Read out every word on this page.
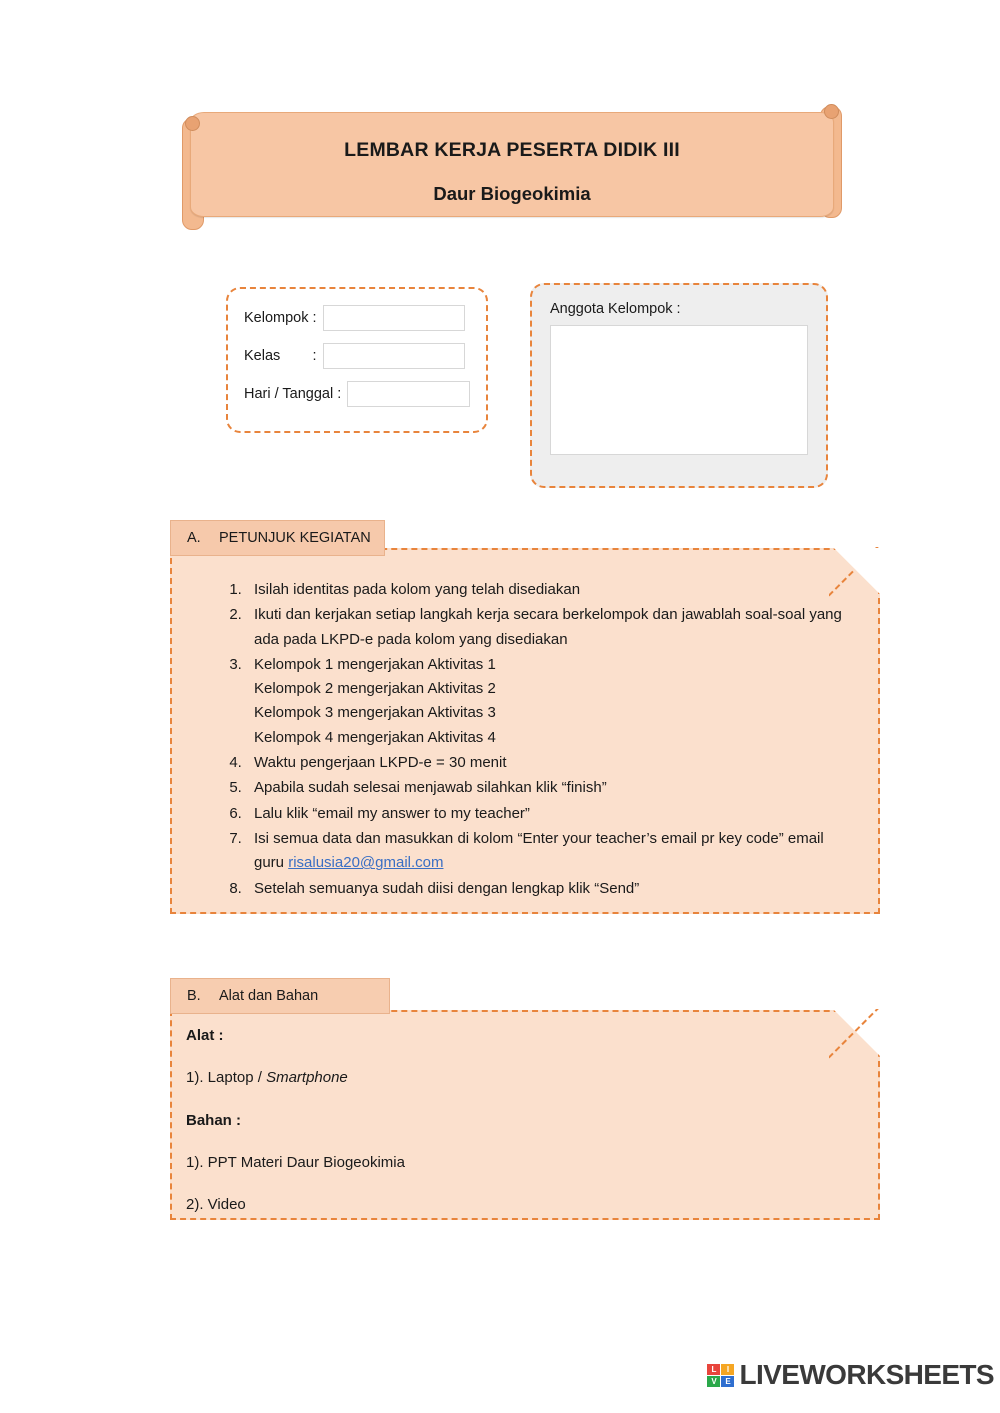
LEMBAR KERJA PESERTA DIDIK III
Daur Biogeokimia
Kelompok :
Kelas        :
Hari / Tanggal :
Anggota Kelompok :
A.	PETUNJUK KEGIATAN
1. Isilah identitas pada kolom yang telah disediakan
2. Ikuti dan kerjakan setiap langkah kerja secara berkelompok dan jawablah soal-soal yang ada pada LKPD-e pada kolom yang disediakan
3. Kelompok 1 mengerjakan Aktivitas 1
Kelompok 2 mengerjakan Aktivitas 2
Kelompok 3 mengerjakan Aktivitas 3
Kelompok 4 mengerjakan Aktivitas 4
4. Waktu pengerjaan LKPD-e = 30 menit
5. Apabila sudah selesai menjawab silahkan klik “finish”
6. Lalu klik “email my answer to my teacher”
7. Isi semua data dan masukkan di kolom “Enter your teacher’s email pr key code” email guru risalusia20@gmail.com
8. Setelah semuanya sudah diisi dengan lengkap klik “Send”
B.	Alat dan Bahan

Alat :

1). Laptop / Smartphone

Bahan :

1). PPT Materi Daur Biogeokimia

2). Video

L	I
V	E LIVEWORKSHEETS
